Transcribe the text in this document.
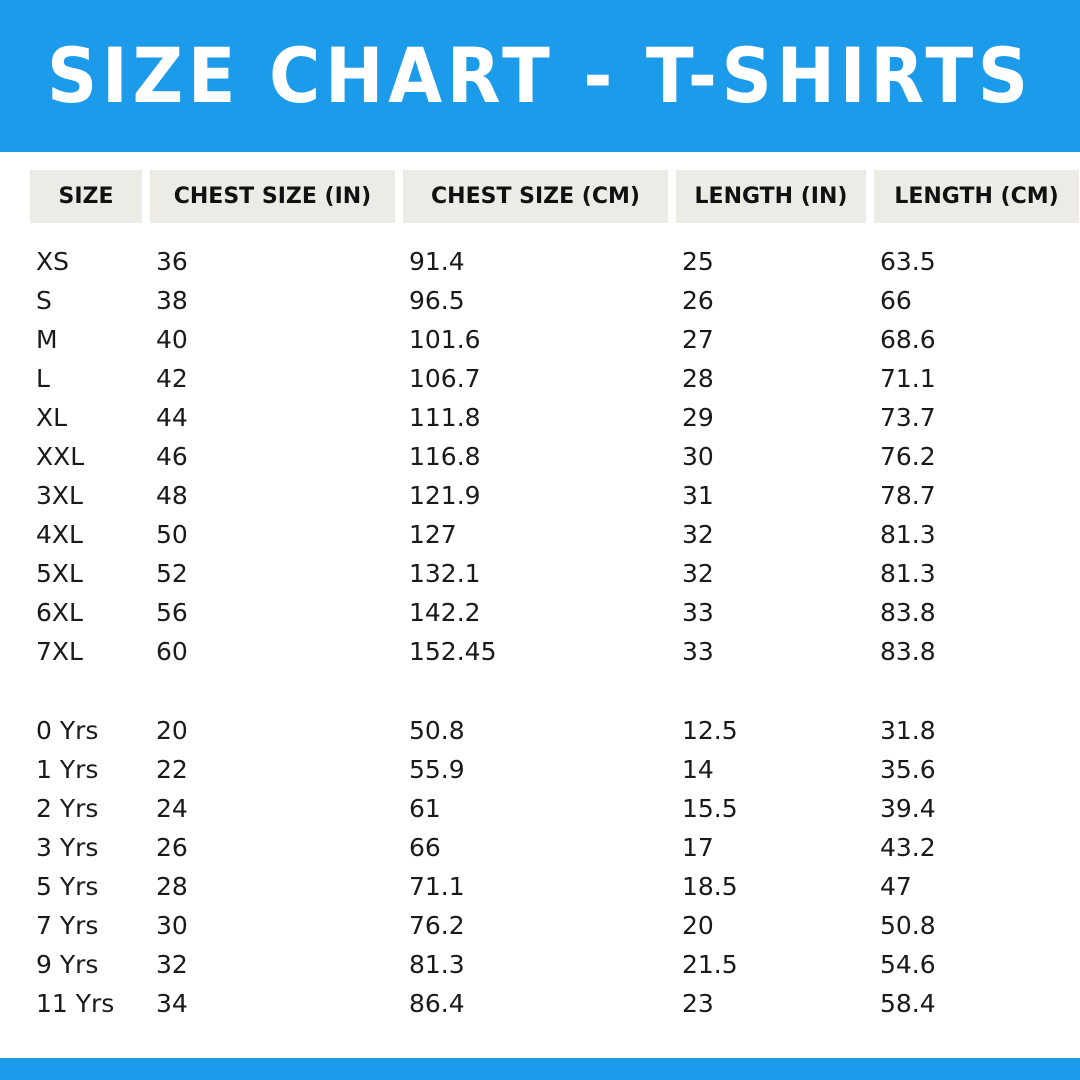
SIZE CHART - T-SHIRTS
SIZE	CHEST SIZE (IN)	CHEST SIZE (CM)	LENGTH (IN)	LENGTH (CM)
XS	36	91.4	25	63.5
S	38	96.5	26	66
M	40	101.6	27	68.6
L	42	106.7	28	71.1
XL	44	111.8	29	73.7
XXL	46	116.8	30	76.2
3XL	48	121.9	31	78.7
4XL	50	127	32	81.3
5XL	52	132.1	32	81.3
6XL	56	142.2	33	83.8
7XL	60	152.45	33	83.8

0 Yrs	20	50.8	12.5	31.8
1 Yrs	22	55.9	14	35.6
2 Yrs	24	61	15.5	39.4
3 Yrs	26	66	17	43.2
5 Yrs	28	71.1	18.5	47
7 Yrs	30	76.2	20	50.8
9 Yrs	32	81.3	21.5	54.6
11 Yrs	34	86.4	23	58.4
